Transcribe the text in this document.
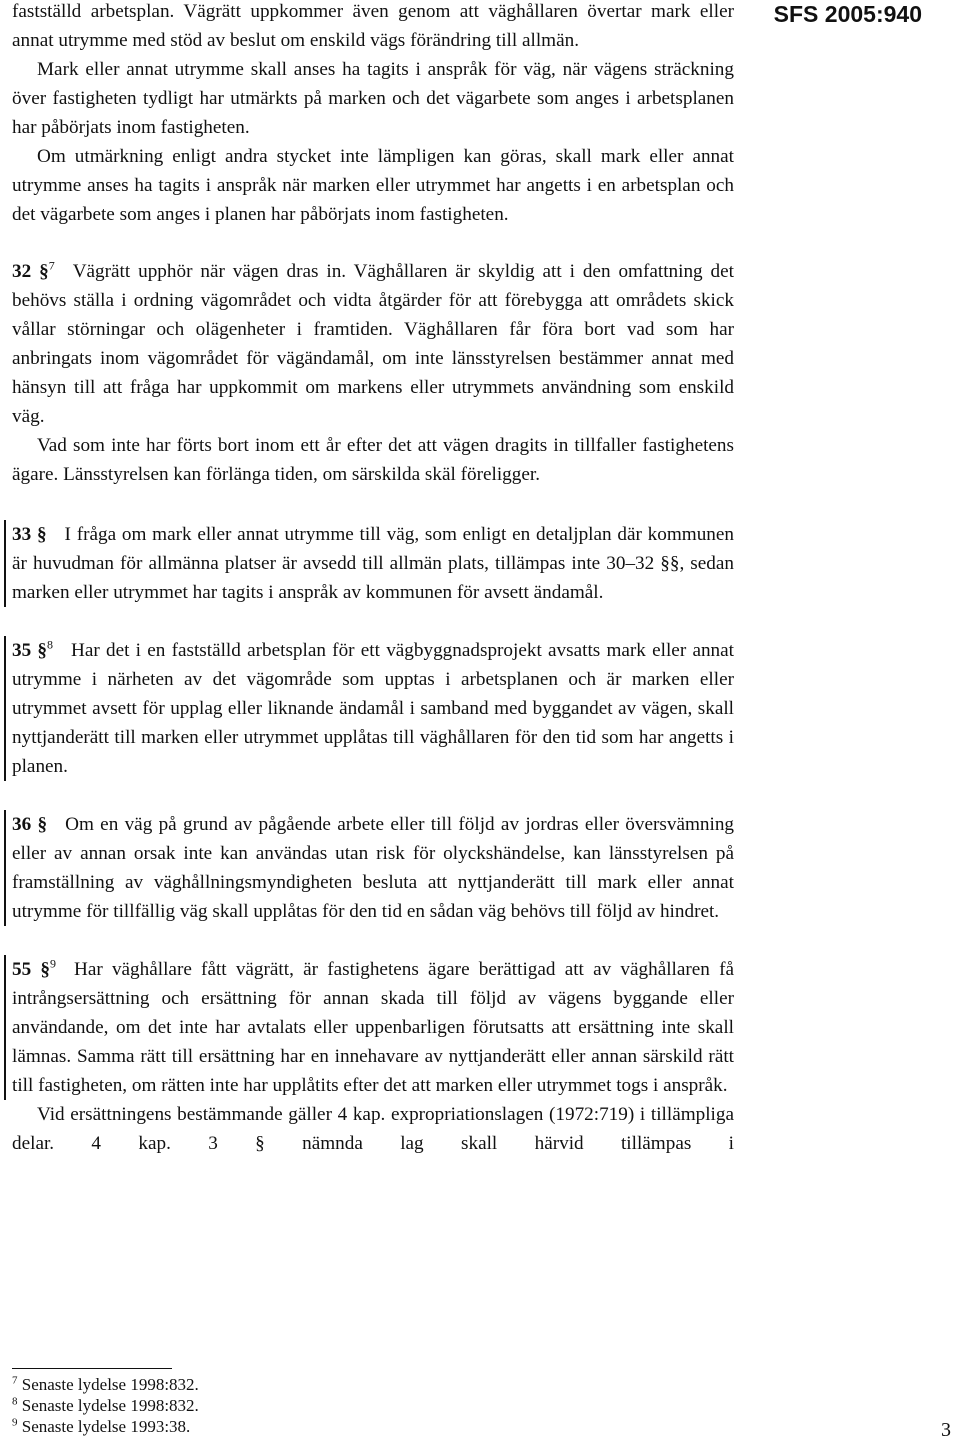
SFS 2005:940

fastställd arbetsplan. Vägrätt uppkommer även genom att väghållaren övertar mark eller annat utrymme med stöd av beslut om enskild vägs förändring till allmän.

Mark eller annat utrymme skall anses ha tagits i anspråk för väg, när vägens sträckning över fastigheten tydligt har utmärkts på marken och det vägarbete som anges i arbetsplanen har påbörjats inom fastigheten.

Om utmärkning enligt andra stycket inte lämpligen kan göras, skall mark eller annat utrymme anses ha tagits i anspråk när marken eller utrymmet har angetts i en arbetsplan och det vägarbete som anges i planen har påbörjats inom fastigheten.

32 §$^7$ Vägrätt upphör när vägen dras in. Väghållaren är skyldig att i den omfattning det behövs ställa i ordning vägområdet och vidta åtgärder för att förebygga att områdets skick vållar störningar och olägenheter i framtiden. Väghållaren får föra bort vad som har anbringats inom vägområdet för vägändamål, om inte länsstyrelsen bestämmer annat med hänsyn till att fråga har uppkommit om markens eller utrymmets användning som enskild väg.

Vad som inte har förts bort inom ett år efter det att vägen dragits in tillfaller fastighetens ägare. Länsstyrelsen kan förlänga tiden, om särskilda skäl föreligger.

33 § I fråga om mark eller annat utrymme till väg, som enligt en detaljplan där kommunen är huvudman för allmänna platser är avsedd till allmän plats, tillämpas inte 30–32 §§, sedan marken eller utrymmet har tagits i anspråk av kommunen för avsett ändamål.

35 §$^8$ Har det i en fastställd arbetsplan för ett vägbyggnadsprojekt avsatts mark eller annat utrymme i närheten av det vägområde som upptas i arbetsplanen och är marken eller utrymmet avsett för upplag eller liknande ändamål i samband med byggandet av vägen, skall nyttjanderätt till marken eller utrymmet upplåtas till väghållaren för den tid som har angetts i planen.

36 § Om en väg på grund av pågående arbete eller till följd av jordras eller översvämning eller av annan orsak inte kan användas utan risk för olyckshändelse, kan länsstyrelsen på framställning av väghållningsmyndigheten besluta att nyttjanderätt till mark eller annat utrymme för tillfällig väg skall upplåtas för den tid en sådan väg behövs till följd av hindret.

55 §$^9$ Har väghållare fått vägrätt, är fastighetens ägare berättigad att av väghållaren få intrångsersättning och ersättning för annan skada till följd av vägens byggande eller användande, om det inte har avtalats eller uppenbarligen förutsatts att ersättning inte skall lämnas. Samma rätt till ersättning har en innehavare av nyttjanderätt eller annan särskild rätt till fastigheten, om rätten inte har upplåtits efter det att marken eller utrymmet togs i anspråk.

Vid ersättningens bestämmande gäller 4 kap. expropriationslagen (1972:719) i tillämpliga delar. 4 kap. 3 § nämnda lag skall härvid tillämpas i

$^7$ Senaste lydelse 1998:832.
$^8$ Senaste lydelse 1998:832.
$^9$ Senaste lydelse 1993:38.	3
